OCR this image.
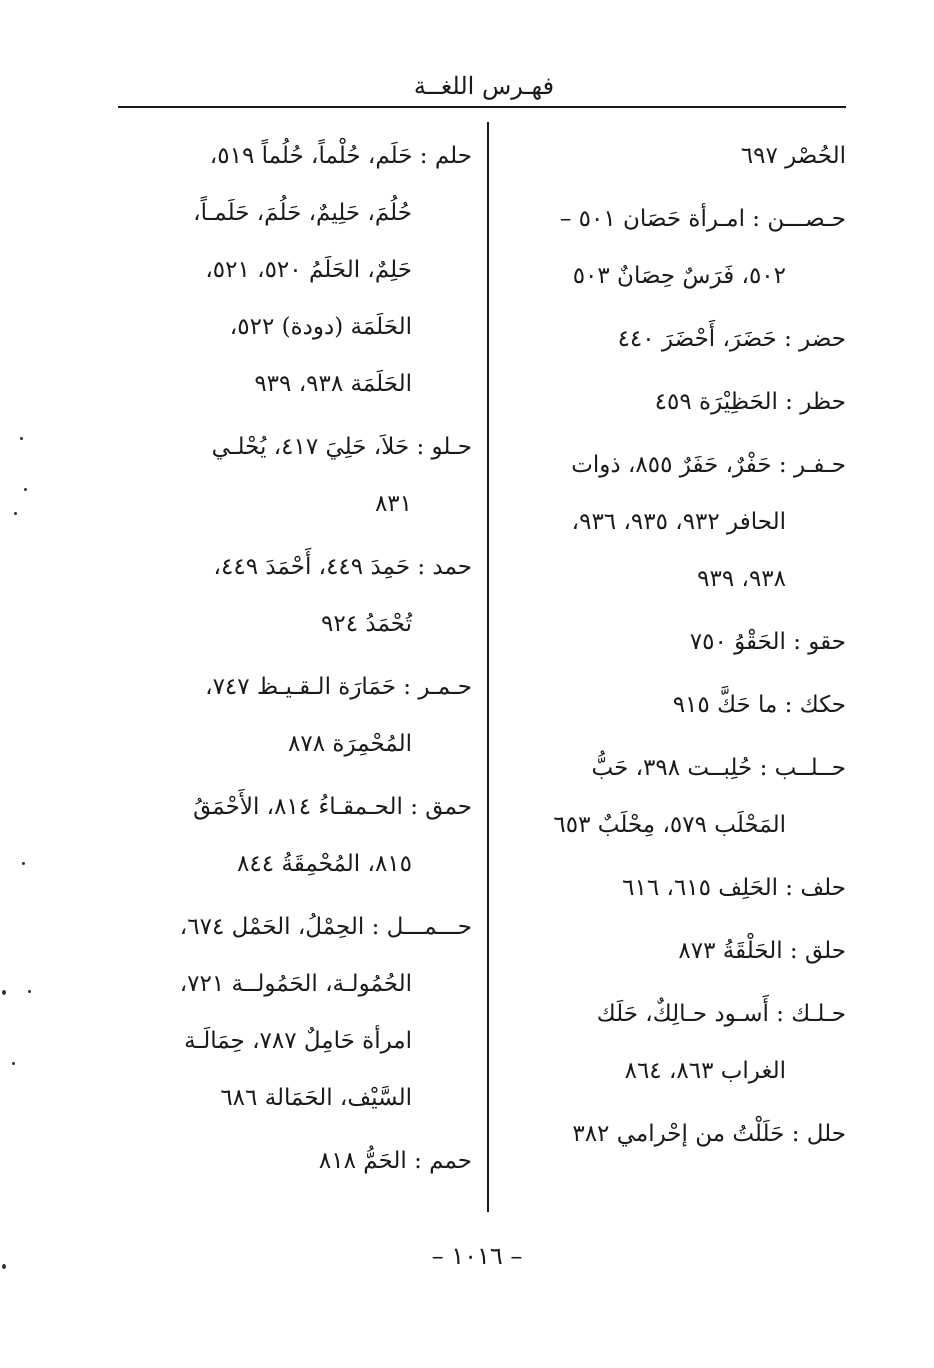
فهـرس اللغــة

الحُصْر ٦٩٧

حـصـــن : امـرأة حَصَان ٥٠١ –
٥٠٢، فَرَسٌ حِصَانٌ ٥٠٣

حضر : حَضَرَ، أَحْضَرَ ٤٤٠

حظر : الحَظِيْرَة ٤٥٩

حـفـر : حَفْرٌ، حَفَرٌ ٨٥٥، ذوات
الحافر ٩٣٢، ٩٣٥، ٩٣٦،
٩٣٨، ٩٣٩

حقو : الحَقْوُ ٧٥٠

حكك : ما حَكَّ ٩١٥

حــلــب : حُلِبــت ٣٩٨، حَبُّ
المَحْلَب ٥٧٩، مِحْلَبٌ ٦٥٣

حلف : الحَلِف ٦١٥، ٦١٦

حلق : الحَلْقَةُ ٨٧٣

حـلـك : أَسـود حـالِكٌ، حَلَك
الغراب ٨٦٣، ٨٦٤

حلل : حَلَلْتُ من إحْرامي ٣٨٢

حلم : حَلَم، حُلْماً، حُلُماً ٥١٩،
حُلُمَ، حَلِيمٌ، حَلُمَ، حَلَمـاً،
حَلِمٌ، الحَلَمُ ٥٢٠، ٥٢١،
الحَلَمَة (دودة) ٥٢٢،
الحَلَمَة ٩٣٨، ٩٣٩

حـلو : حَلاَ، حَلِيَ ٤١٧، يُحْلـي
٨٣١

حمد : حَمِدَ ٤٤٩، أَحْمَدَ ٤٤٩،
تُحْمَدُ ٩٢٤

حـمـر : حَمَارَة الـقـيـظ ٧٤٧،
المُحْمِرَة ٨٧٨

حمق : الحـمقـاءُ ٨١٤، الأَحْمَقُ
٨١٥، المُحْمِقَةُ ٨٤٤

حـــمـــل : الحِمْلُ، الحَمْل ٦٧٤،
الحُمُولـة، الحَمُولــة ٧٢١،
امرأة حَامِلٌ ٧٨٧، حِمَالَـة
السَّيْف، الحَمَالة ٦٨٦

حمم : الحَمُّ ٨١٨

– ١٠١٦ –
